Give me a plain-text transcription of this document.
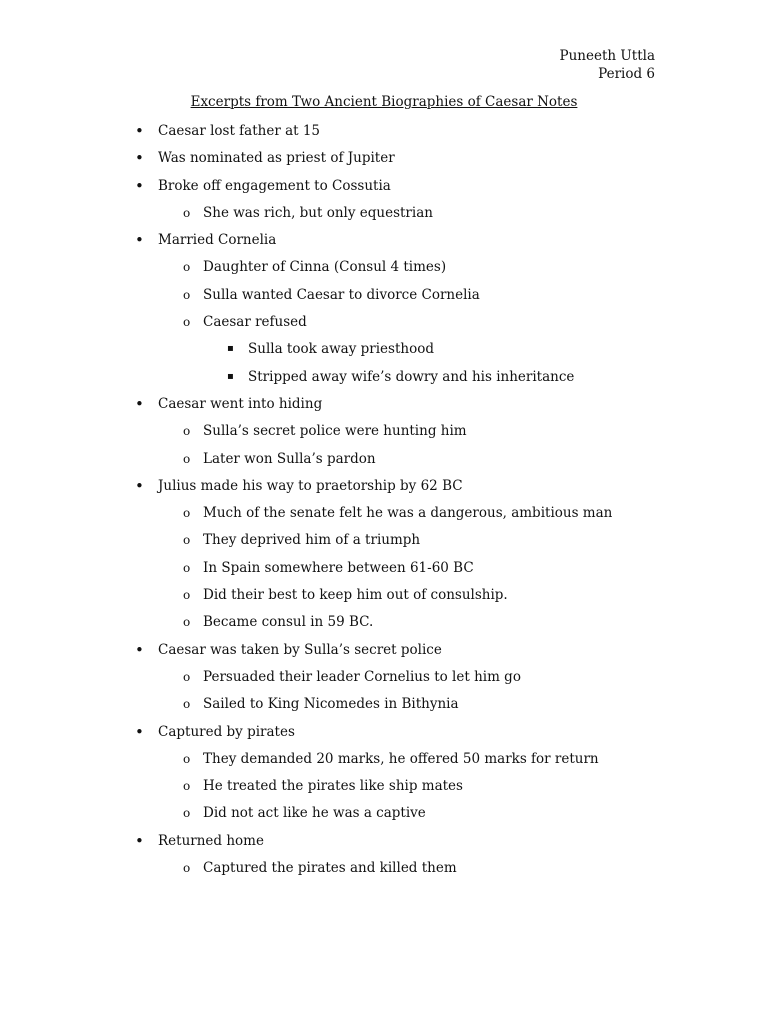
Puneeth Uttla
Period 6
Excerpts from Two Ancient Biographies of Caesar Notes
• Caesar lost father at 15
• Was nominated as priest of Jupiter
• Broke off engagement to Cossutia
o She was rich, but only equestrian
• Married Cornelia
o Daughter of Cinna (Consul 4 times)
o Sulla wanted Caesar to divorce Cornelia
o Caesar refused
▪ Sulla took away priesthood
▪ Stripped away wife’s dowry and his inheritance
• Caesar went into hiding
o Sulla’s secret police were hunting him
o Later won Sulla’s pardon
• Julius made his way to praetorship by 62 BC
o Much of the senate felt he was a dangerous, ambitious man
o They deprived him of a triumph
o In Spain somewhere between 61-60 BC
o Did their best to keep him out of consulship.
o Became consul in 59 BC.
• Caesar was taken by Sulla’s secret police
o Persuaded their leader Cornelius to let him go
o Sailed to King Nicomedes in Bithynia
• Captured by pirates
o They demanded 20 marks, he offered 50 marks for return
o He treated the pirates like ship mates
o Did not act like he was a captive
• Returned home
o Captured the pirates and killed them
